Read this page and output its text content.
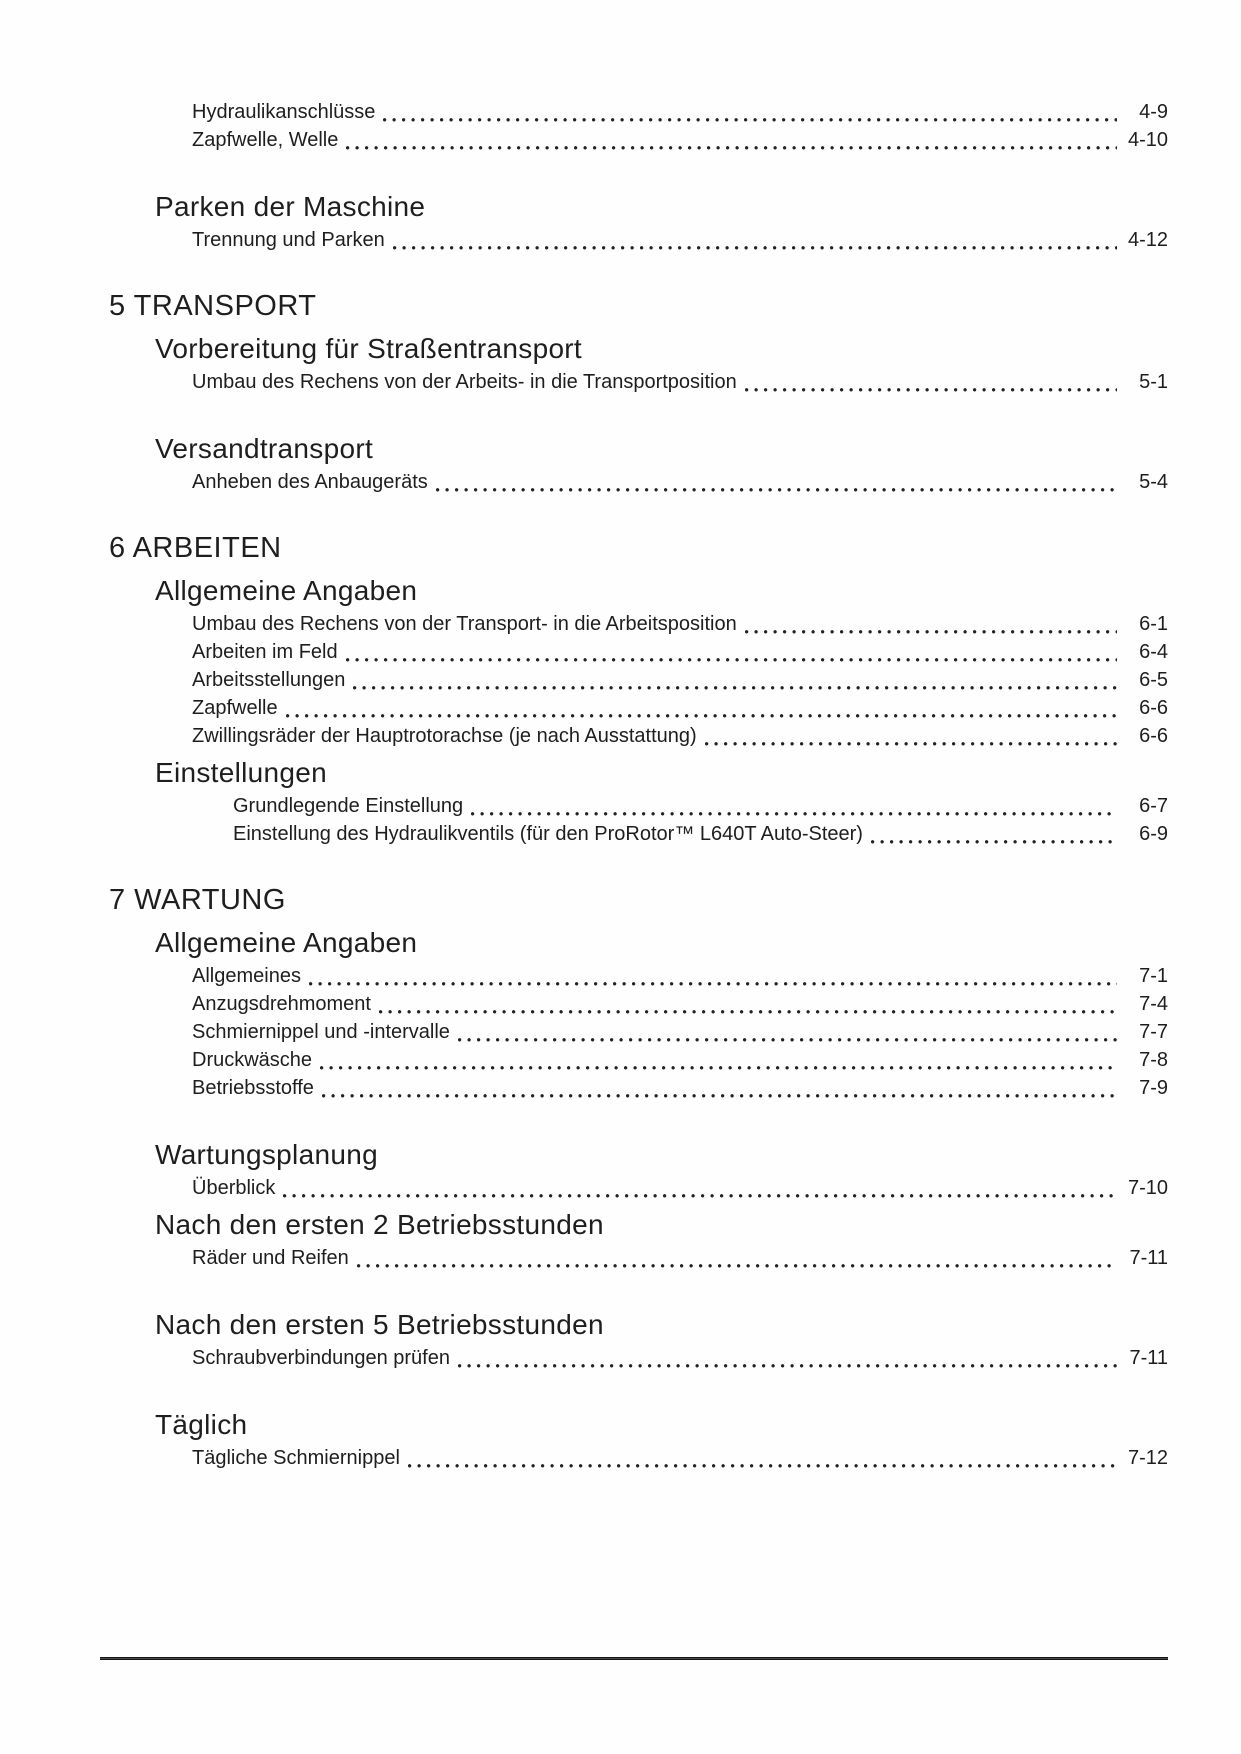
Hydraulikanschlüsse	4-9
Zapfwelle, Welle	4-10
Parken der Maschine
Trennung und Parken	4-12
5 TRANSPORT
Vorbereitung für Straßentransport
Umbau des Rechens von der Arbeits- in die Transportposition	5-1
Versandtransport
Anheben des Anbaugeräts	5-4
6 ARBEITEN
Allgemeine Angaben
Umbau des Rechens von der Transport- in die Arbeitsposition	6-1
Arbeiten im Feld	6-4
Arbeitsstellungen	6-5
Zapfwelle	6-6
Zwillingsräder der Hauptrotorachse (je nach Ausstattung)	6-6
Einstellungen
Grundlegende Einstellung	6-7
Einstellung des Hydraulikventils (für den ProRotor™ L640T Auto-Steer)	6-9
7 WARTUNG
Allgemeine Angaben
Allgemeines	7-1
Anzugsdrehmoment	7-4
Schmiernippel und -intervalle	7-7
Druckwäsche	7-8
Betriebsstoffe	7-9
Wartungsplanung
Überblick	7-10
Nach den ersten 2 Betriebsstunden
Räder und Reifen	7-11
Nach den ersten 5 Betriebsstunden
Schraubverbindungen prüfen	7-11
Täglich
Tägliche Schmiernippel	7-12
